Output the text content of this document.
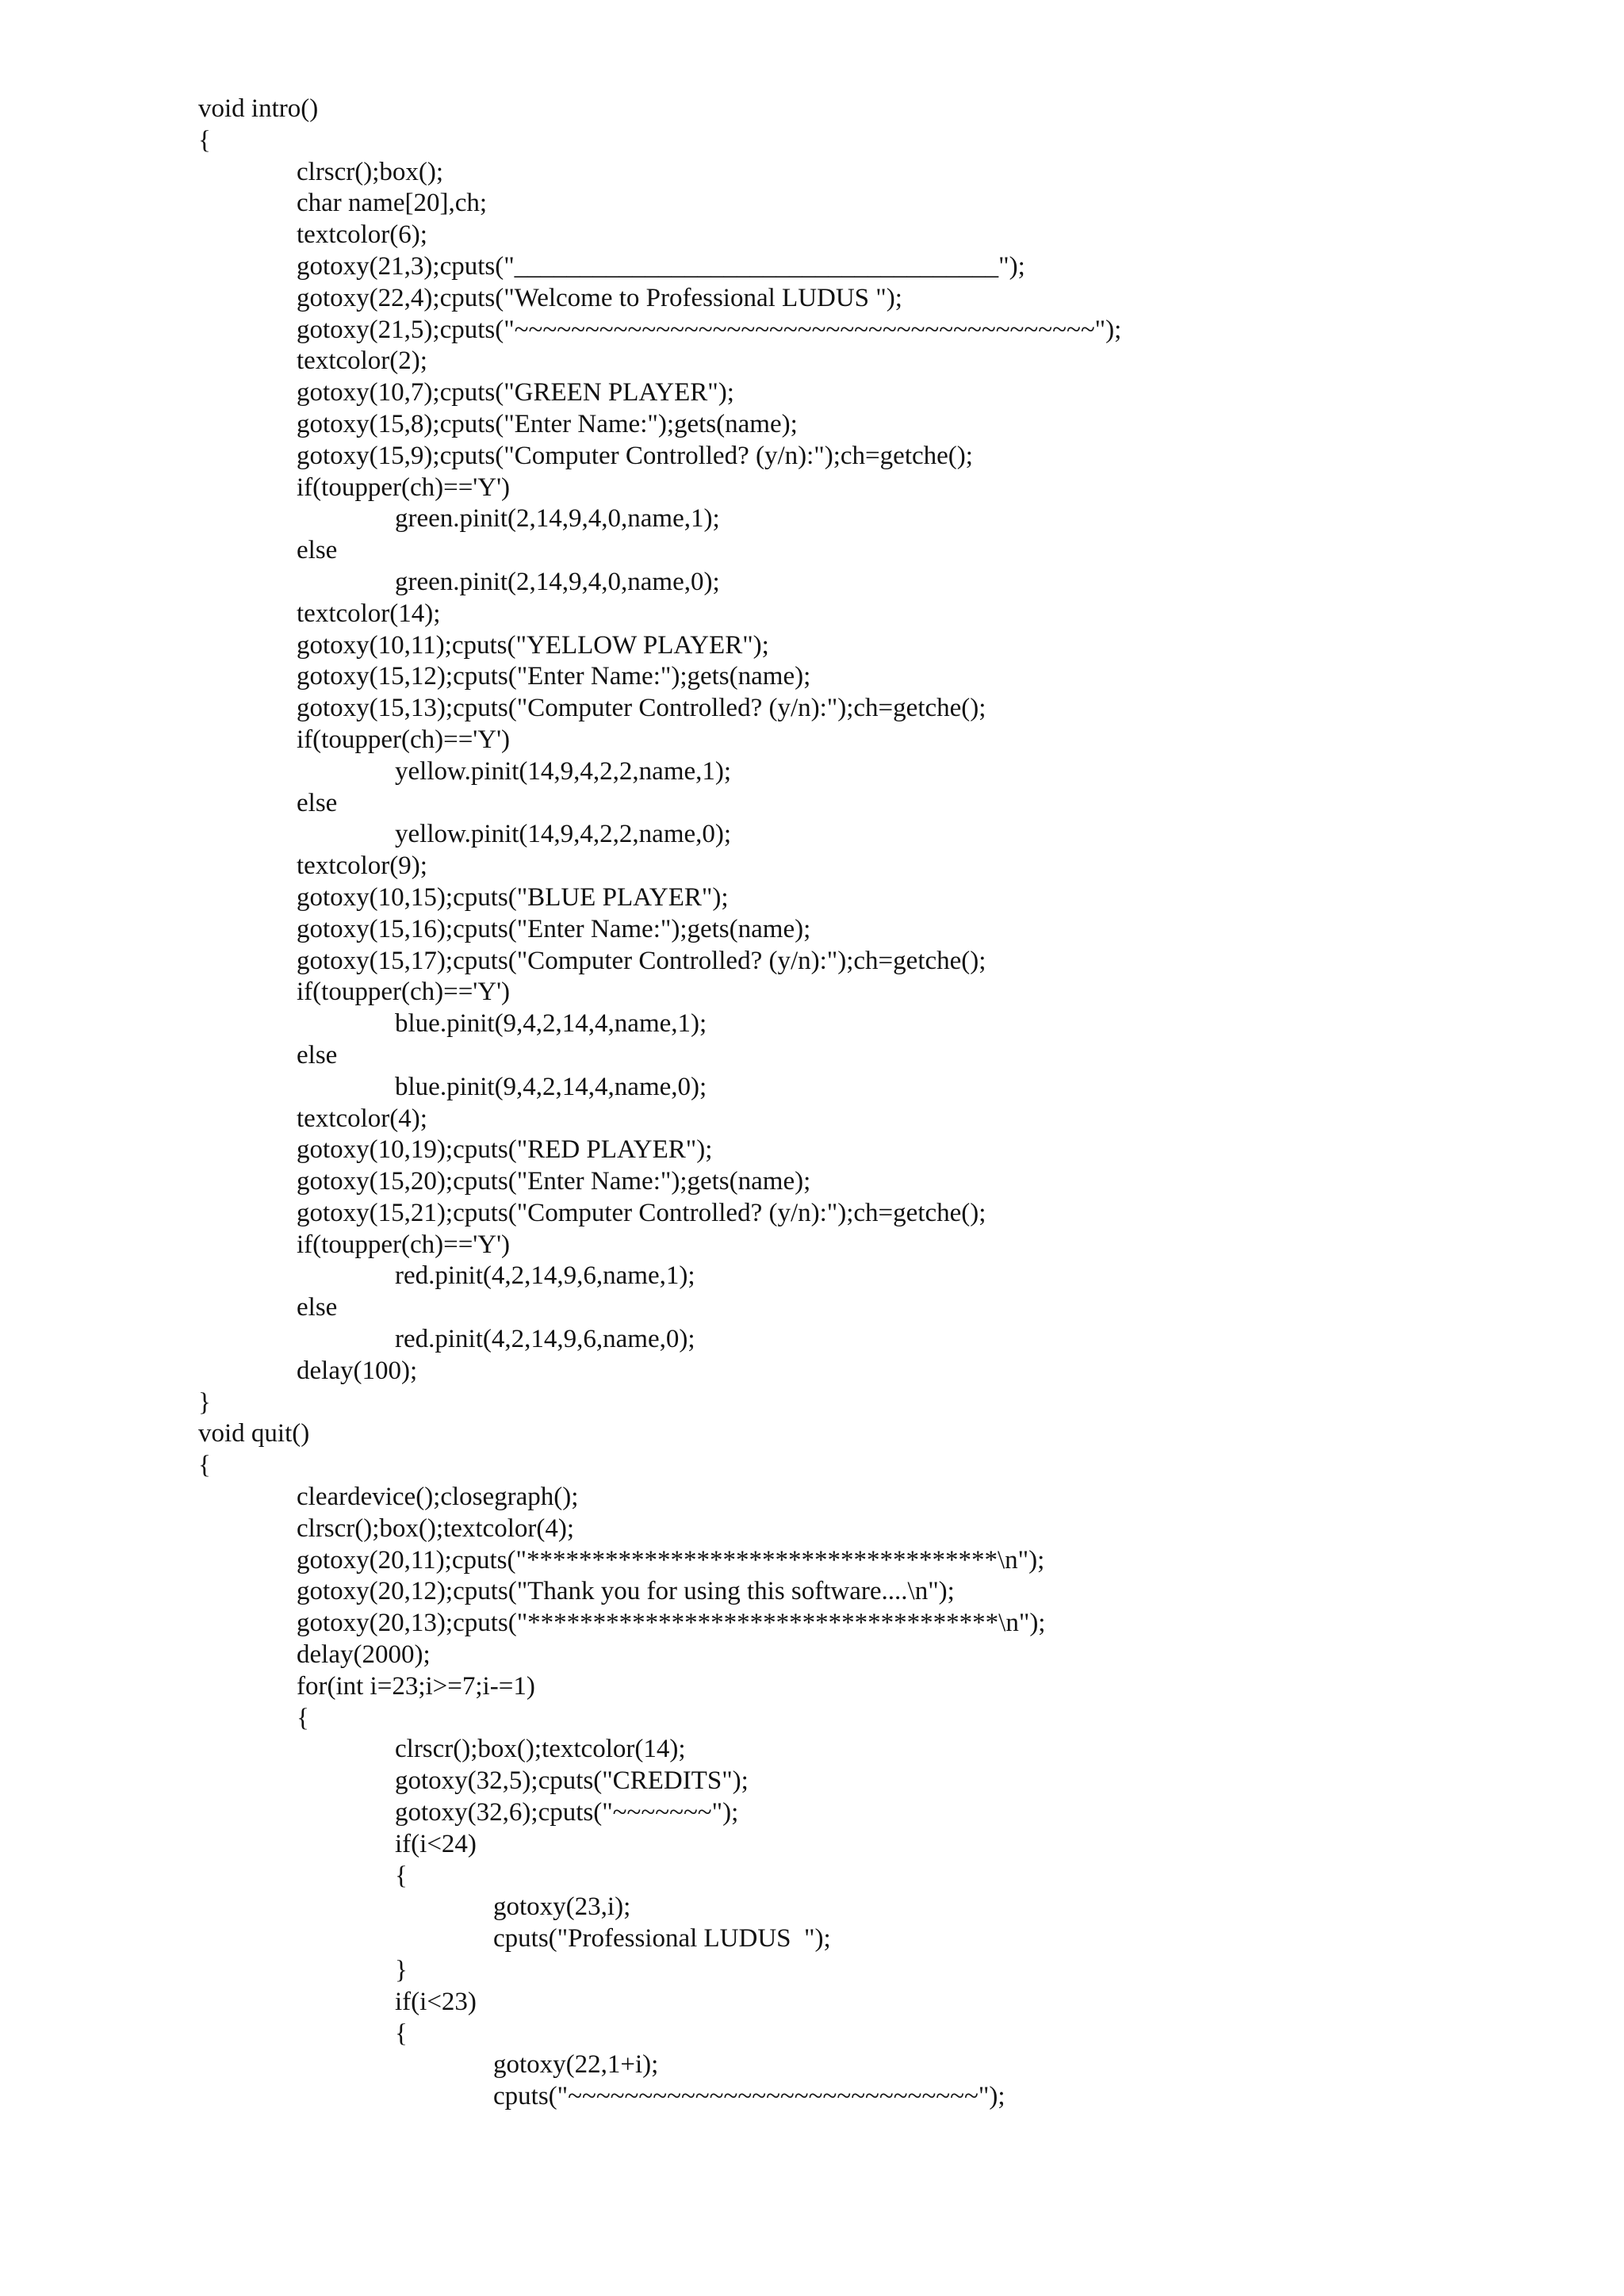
void intro()
{
clrscr();box();
char name[20],ch;
textcolor(6);
gotoxy(21,3);cputs("_____________________________________");
gotoxy(22,4);cputs("Welcome to Professional LUDUS ");
gotoxy(21,5);cputs("~~~~~~~~~~~~~~~~~~~~~~~~~~~~~~~~~~~~~~~~~");
textcolor(2);
gotoxy(10,7);cputs("GREEN PLAYER");
gotoxy(15,8);cputs("Enter Name:");gets(name);
gotoxy(15,9);cputs("Computer Controlled? (y/n):");ch=getche();
if(toupper(ch)=='Y')
green.pinit(2,14,9,4,0,name,1);
else
green.pinit(2,14,9,4,0,name,0);
textcolor(14);
gotoxy(10,11);cputs("YELLOW PLAYER");
gotoxy(15,12);cputs("Enter Name:");gets(name);
gotoxy(15,13);cputs("Computer Controlled? (y/n):");ch=getche();
if(toupper(ch)=='Y')
yellow.pinit(14,9,4,2,2,name,1);
else
yellow.pinit(14,9,4,2,2,name,0);
textcolor(9);
gotoxy(10,15);cputs("BLUE PLAYER");
gotoxy(15,16);cputs("Enter Name:");gets(name);
gotoxy(15,17);cputs("Computer Controlled? (y/n):");ch=getche();
if(toupper(ch)=='Y')
blue.pinit(9,4,2,14,4,name,1);
else
blue.pinit(9,4,2,14,4,name,0);
textcolor(4);
gotoxy(10,19);cputs("RED PLAYER");
gotoxy(15,20);cputs("Enter Name:");gets(name);
gotoxy(15,21);cputs("Computer Controlled? (y/n):");ch=getche();
if(toupper(ch)=='Y')
red.pinit(4,2,14,9,6,name,1);
else
red.pinit(4,2,14,9,6,name,0);
delay(100);
}
void quit()
{
cleardevice();closegraph();
clrscr();box();textcolor(4);
gotoxy(20,11);cputs("************************************\n");
gotoxy(20,12);cputs("Thank you for using this software....\n");
gotoxy(20,13);cputs("************************************\n");
delay(2000);
for(int i=23;i>=7;i-=1)
{
clrscr();box();textcolor(14);
gotoxy(32,5);cputs("CREDITS");
gotoxy(32,6);cputs("~~~~~~~");
if(i<24)
{
gotoxy(23,i);
cputs("Professional LUDUS  ");
}
if(i<23)
{
gotoxy(22,1+i);
cputs("~~~~~~~~~~~~~~~~~~~~~~~~~~~~~");
